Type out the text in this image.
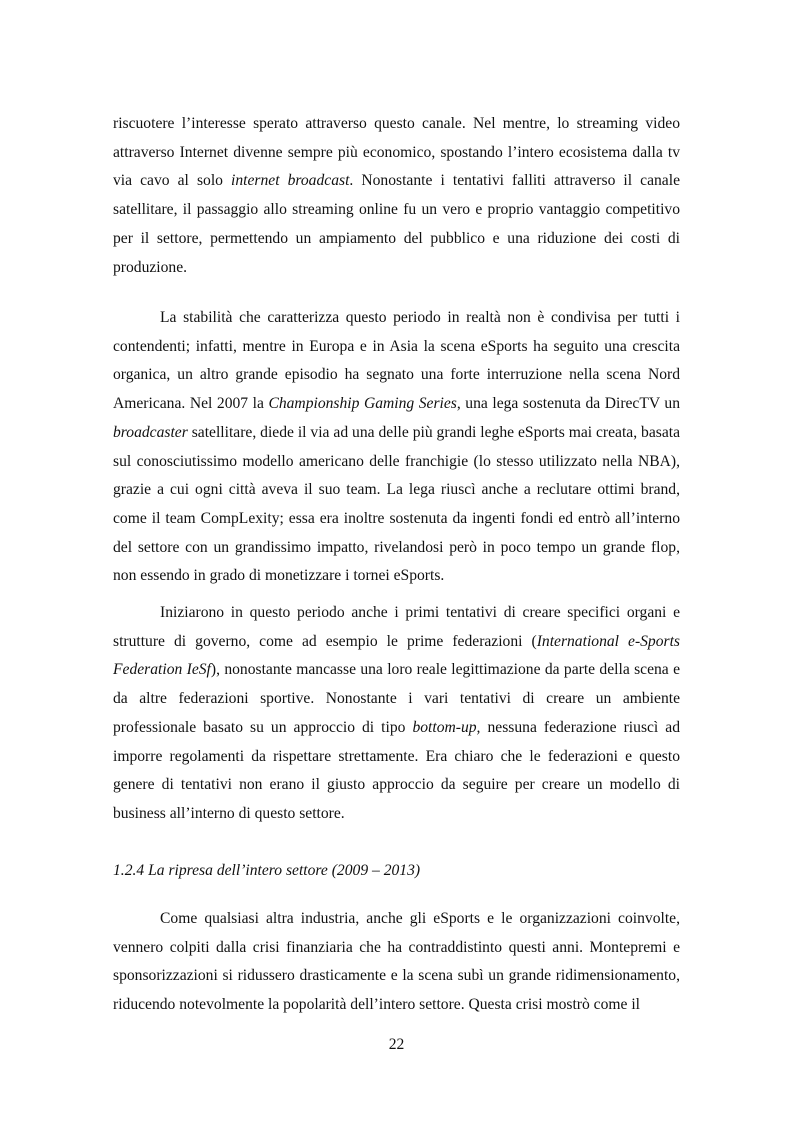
riscuotere l’interesse sperato attraverso questo canale. Nel mentre, lo streaming video attraverso Internet divenne sempre più economico, spostando l’intero ecosistema dalla tv via cavo al solo internet broadcast. Nonostante i tentativi falliti attraverso il canale satellitare, il passaggio allo streaming online fu un vero e proprio vantaggio competitivo per il settore, permettendo un ampiamento del pubblico e una riduzione dei costi di produzione.

La stabilità che caratterizza questo periodo in realtà non è condivisa per tutti i contendenti; infatti, mentre in Europa e in Asia la scena eSports ha seguito una crescita organica, un altro grande episodio ha segnato una forte interruzione nella scena Nord Americana. Nel 2007 la Championship Gaming Series, una lega sostenuta da DirecTV un broadcaster satellitare, diede il via ad una delle più grandi leghe eSports mai creata, basata sul conosciutissimo modello americano delle franchigie (lo stesso utilizzato nella NBA), grazie a cui ogni città aveva il suo team. La lega riuscì anche a reclutare ottimi brand, come il team CompLexity; essa era inoltre sostenuta da ingenti fondi ed entrò all’interno del settore con un grandissimo impatto, rivelandosi però in poco tempo un grande flop, non essendo in grado di monetizzare i tornei eSports.

Iniziarono in questo periodo anche i primi tentativi di creare specifici organi e strutture di governo, come ad esempio le prime federazioni (International e-Sports Federation IeSf), nonostante mancasse una loro reale legittimazione da parte della scena e da altre federazioni sportive. Nonostante i vari tentativi di creare un ambiente professionale basato su un approccio di tipo bottom-up, nessuna federazione riuscì ad imporre regolamenti da rispettare strettamente. Era chiaro che le federazioni e questo genere di tentativi non erano il giusto approccio da seguire per creare un modello di business all’interno di questo settore.

1.2.4 La ripresa dell’intero settore (2009 – 2013)

Come qualsiasi altra industria, anche gli eSports e le organizzazioni coinvolte, vennero colpiti dalla crisi finanziaria che ha contraddistinto questi anni. Montepremi e sponsorizzazioni si ridussero drasticamente e la scena subì un grande ridimensionamento, riducendo notevolmente la popolarità dell’intero settore. Questa crisi mostrò come il

22
